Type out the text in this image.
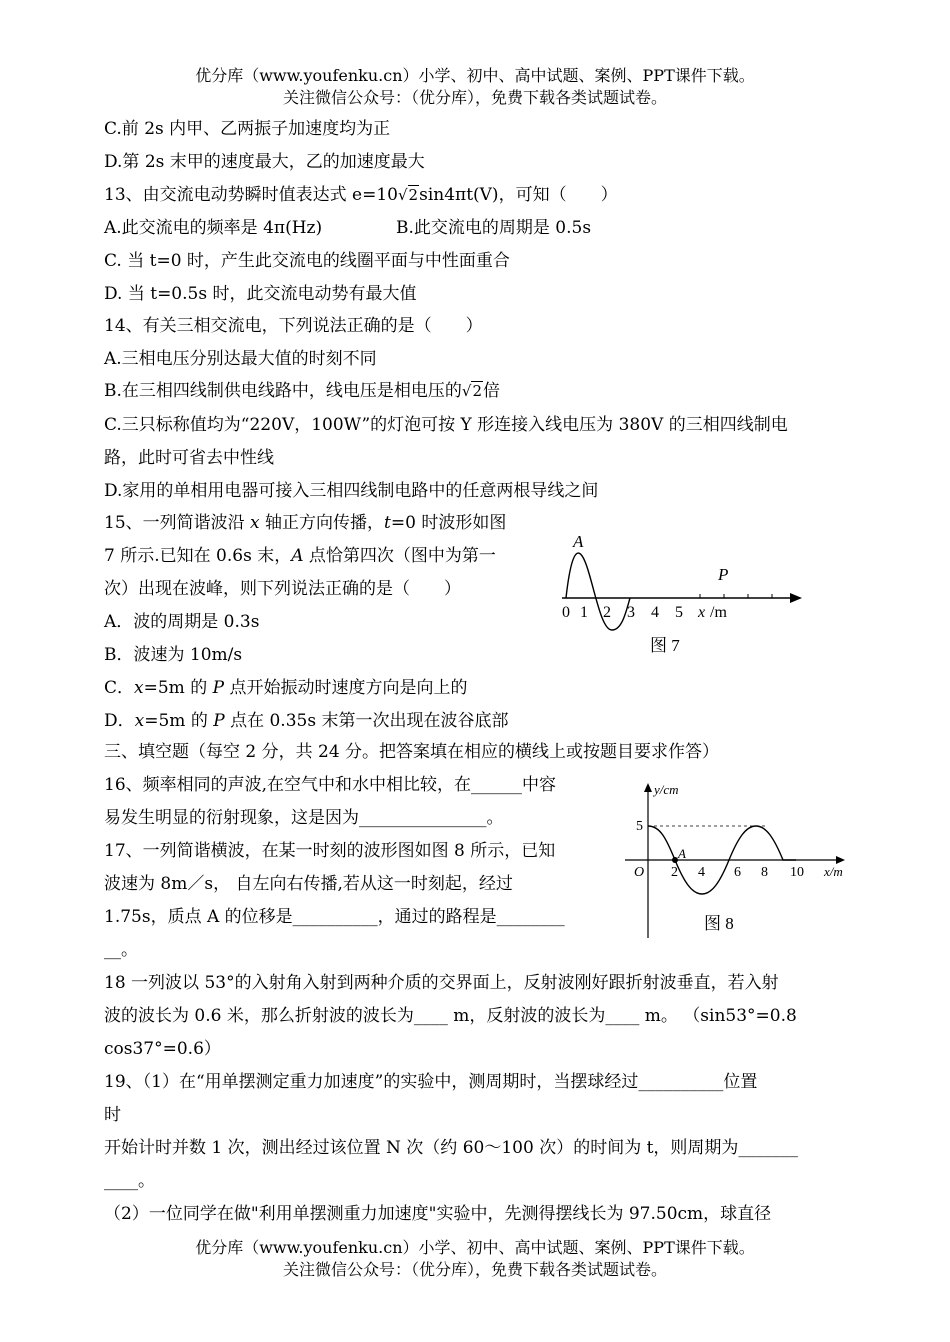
优分库（www.youfenku.cn）小学、初中、高中试题、案例、PPT课件下载。
关注微信公众号：（优分库），免费下载各类试题试卷。
C.前 2s 内甲、乙两振子加速度均为正
D.第 2s 末甲的速度最大，乙的加速度最大
13、由交流电动势瞬时值表达式 e=10√2sin4πt(V)，可知（　　）
A.此交流电的频率是 4π(Hz)	B.此交流电的周期是 0.5s
C. 当 t=0 时，产生此交流电的线圈平面与中性面重合
D. 当 t=0.5s 时，此交流电动势有最大值
14、有关三相交流电，下列说法正确的是（　　）
A.三相电压分别达最大值的时刻不同
B.在三相四线制供电线路中，线电压是相电压的√2倍
C.三只标称值均为“220V，100W”的灯泡可按 Y 形连接入线电压为 380V 的三相四线制电
路，此时可省去中性线
D.家用的单相用电器可接入三相四线制电路中的任意两根导线之间
15、一列简谐波沿 x 轴正方向传播，t=0 时波形如图
7 所示.已知在 0.6s 末，A 点恰第四次（图中为第一
次）出现在波峰，则下列说法正确的是（　　）
A．波的周期是 0.3s
B．波速为 10m/s
C．x=5m 的 P 点开始振动时速度方向是向上的
D．x=5m 的 P 点在 0.35s 末第一次出现在波谷底部
A
P
0 1 2 3 4 5 x /m
图 7
三、填空题（每空 2 分，共 24 分。把答案填在相应的横线上或按题目要求作答）
16、频率相同的声波,在空气中和水中相比较，在______中容
易发生明显的衍射现象，这是因为_______________。
17、一列简谐横波，在某一时刻的波形图如图 8 所示，已知
波速为 8m／s， 自左向右传播,若从这一时刻起，经过
1.75s，质点 A 的位移是__________，通过的路程是________
__。
y/cm
5
O
A
2 4 6 8 10 x/m
图 8
18 一列波以 53°的入射角入射到两种介质的交界面上，反射波刚好跟折射波垂直，若入射
波的波长为 0.6 米，那么折射波的波长为____ m，反射波的波长为____ m。 （sin53°=0.8
cos37°=0.6）
19、（1）在“用单摆测定重力加速度”的实验中，测周期时，当摆球经过__________位置
时
开始计时并数 1 次，测出经过该位置 N 次（约 60～100 次）的时间为 t，则周期为_______
____。
（2）一位同学在做"利用单摆测重力加速度"实验中，先测得摆线长为 97.50cm，球直径
优分库（www.youfenku.cn）小学、初中、高中试题、案例、PPT课件下载。
关注微信公众号：（优分库），免费下载各类试题试卷。
